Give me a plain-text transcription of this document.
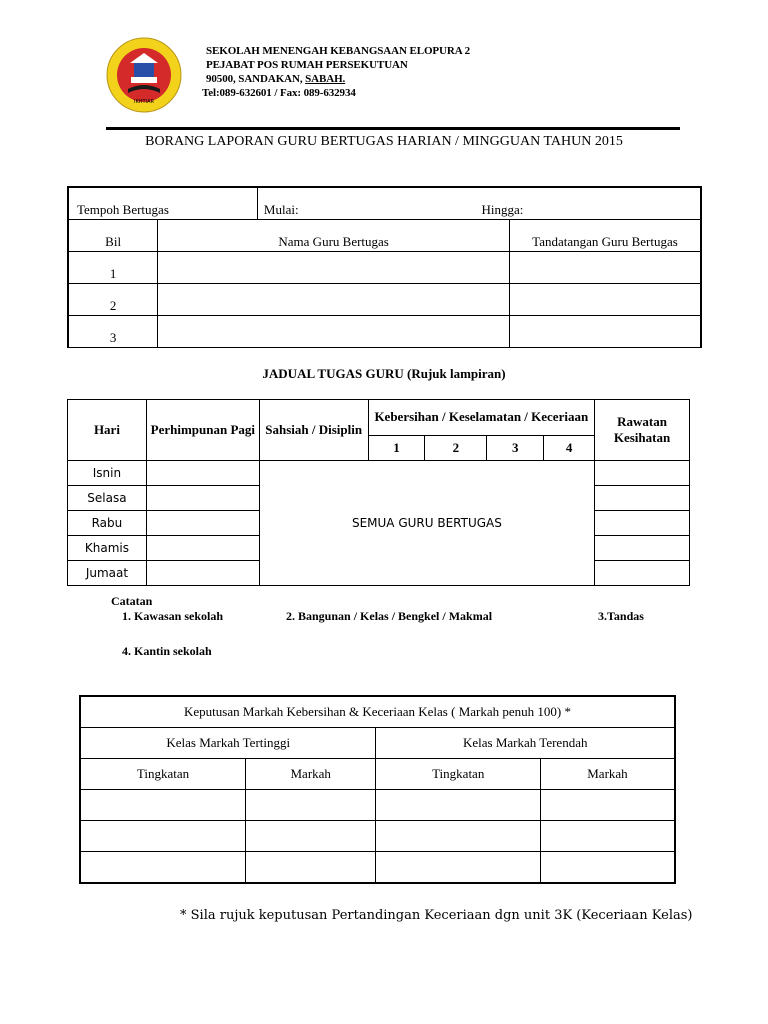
IKHTIAR
SEKOLAH MENENGAH KEBANGSAAN ELOPURA 2
PEJABAT POS RUMAH PERSEKUTUAN
90500, SANDAKAN, SABAH.
Tel:089-632601 / Fax: 089-632934
BORANG LAPORAN GURU BERTUGAS HARIAN / MINGGUAN TAHUN 2015
Tempoh Bertugas		Mulai:	Hingga:
Bil	Nama Guru Bertugas		Tandatangan Guru Bertugas
1			
2			
3			
JADUAL TUGAS GURU (Rujuk lampiran)
Hari	Perhimpunan Pagi	Sahsiah / Disiplin	Kebersihan / Keselamatan / Keceriaan				Rawatan Kesihatan
			1	2	3	4	
Isnin		SEMUA GURU BERTUGAS					
Selasa							
Rabu							
Khamis							
Jumaat							
Catatan
1. Kawasan sekolah	2. Bangunan / Kelas / Bengkel / Makmal	3.Tandas
4. Kantin sekolah
Keputusan Markah Kebersihan & Keceriaan Kelas ( Markah penuh 100) *			
Kelas Markah Tertinggi		Kelas Markah Terendah	
Tingkatan	Markah	Tingkatan	Markah

* Sila rujuk keputusan Pertandingan Keceriaan dgn unit 3K (Keceriaan Kelas)
